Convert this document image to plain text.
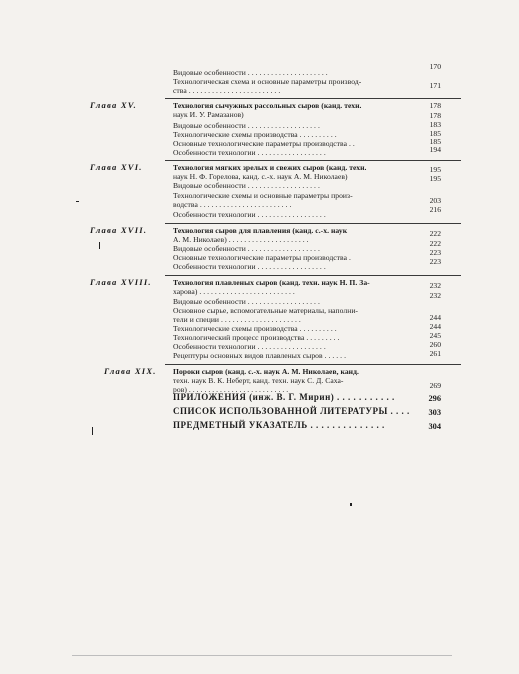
Глава XV.
Глава XVI.
Глава XVII.
Глава XVIII.
Глава XIX.
Видовые особенности . . . . . . . . . . . . . . . . . . . . .
Технологическая схема и основные параметры производ-
ства . . . . . . . . . . . . . . . . . . . . . . . .
Технология сычужных рассольных сыров (канд. техн.
наук И. У. Рамазанов)
Видовые особенности . . . . . . . . . . . . . . . . . . .
Технологические схемы производства . . . . . . . . . .
Основные технологические параметры производства . .
Особенности технологии . . . . . . . . . . . . . . . . . .
Технология мягких зрелых и свежих сыров (канд. техн.
наук Н. Ф. Горелова, канд. с.-х. наук А. М. Николаев)
Видовые особенности . . . . . . . . . . . . . . . . . . .
Технологические схемы и основные параметры произ-
водства . . . . . . . . . . . . . . . . . . . . . . . .
Особенности технологии . . . . . . . . . . . . . . . . . .
Технология сыров для плавления (канд. с.-х. наук
А. М. Николаев) . . . . . . . . . . . . . . . . . . . . .
Видовые особенности . . . . . . . . . . . . . . . . . . .
Основные технологические параметры производства .
Особенности технологии . . . . . . . . . . . . . . . . . .
Технология плавленых сыров (канд. техн. наук Н. П. За-
харова) . . . . . . . . . . . . . . . . . . . . . . . . .
Видовые особенности . . . . . . . . . . . . . . . . . . .
Основное сырье, вспомогательные материалы, наполни-
тели и специи . . . . . . . . . . . . . . . . . . . . .
Технологические схемы производства . . . . . . . . . .
Технологический процесс производства . . . . . . . . .
Особенности технологии . . . . . . . . . . . . . . . . . .
Рецептуры основных видов плавленых сыров . . . . . .
Пороки сыров (канд. с.-х. наук А. М. Николаев, канд.
техн. наук В. К. Неберт, канд. техн. наук С. Д. Саха-
ров) . . . . . . . . . . . . . . . . . . . . . . . . . .
ПРИЛОЖЕНИЯ (инж. В. Г. Мирин) . . . . . . . . . . .
СПИСОК ИСПОЛЬЗОВАННОЙ ЛИТЕРАТУРЫ . . . .
ПРЕДМЕТНЫЙ УКАЗАТЕЛЬ . . . . . . . . . . . . . .
170
171
178
178
183
185
185
194
195
195
203
216
222
222
223
223
232
232
244
244
245
260
261
269
296
303
304
